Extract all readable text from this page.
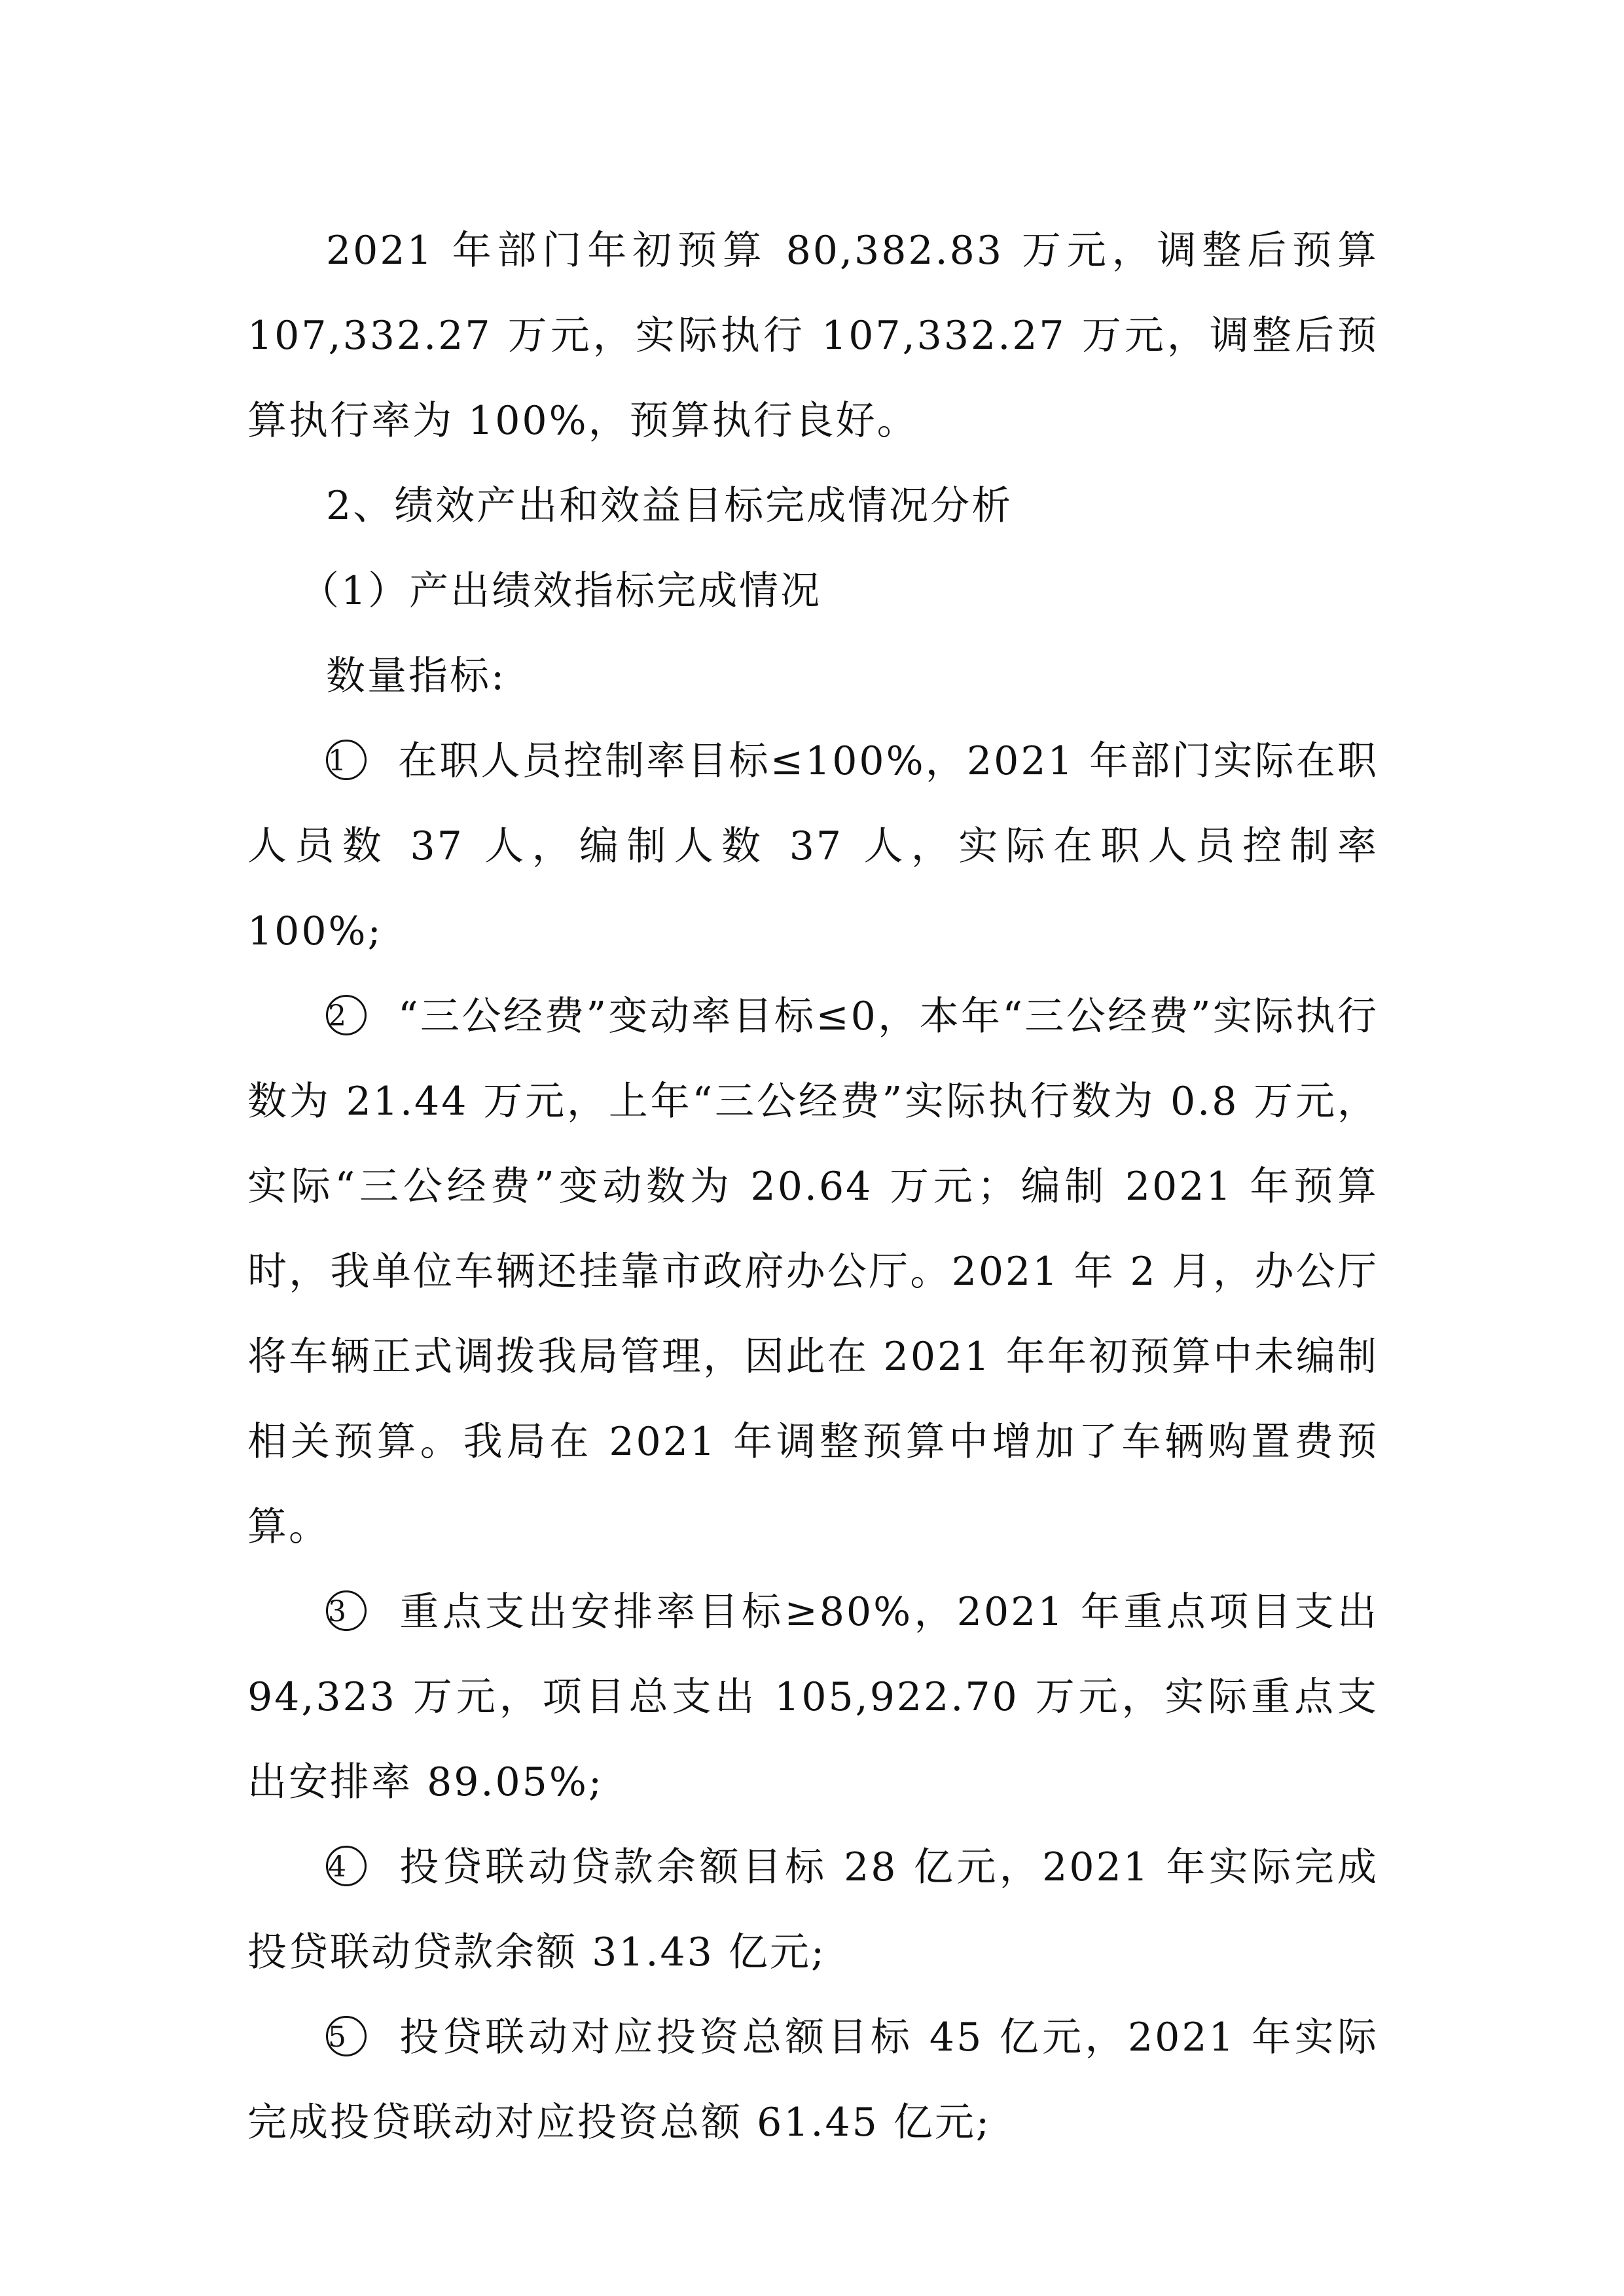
2021 年部门年初预算 80,382.83 万元，调整后预算107,332.27 万元，实际执行 107,332.27 万元，调整后预算执行率为 100%，预算执行良好。

2、绩效产出和效益目标完成情况分析

（1）产出绩效指标完成情况

数量指标:

1 在职人员控制率目标≤100%，2021 年部门实际在职人员数 37 人，编制人数 37 人，实际在职人员控制率 100%;

2 “三公经费”变动率目标≤0，本年“三公经费”实际执行数为 21.44 万元，上年“三公经费”实际执行数为 0.8 万元，实际“三公经费”变动数为 20.64 万元；编制 2021 年预算时，我单位车辆还挂靠市政府办公厅。2021 年 2 月，办公厅将车辆正式调拨我局管理，因此在 2021 年年初预算中未编制相关预算。我局在 2021 年调整预算中增加了车辆购置费预算。

3 重点支出安排率目标≥80%，2021 年重点项目支出 94,323 万元，项目总支出 105,922.70 万元，实际重点支出安排率 89.05%;

4 投贷联动贷款余额目标 28 亿元，2021 年实际完成投贷联动贷款余额 31.43 亿元;

5 投贷联动对应投资总额目标 45 亿元，2021 年实际完成投贷联动对应投资总额 61.45 亿元;
